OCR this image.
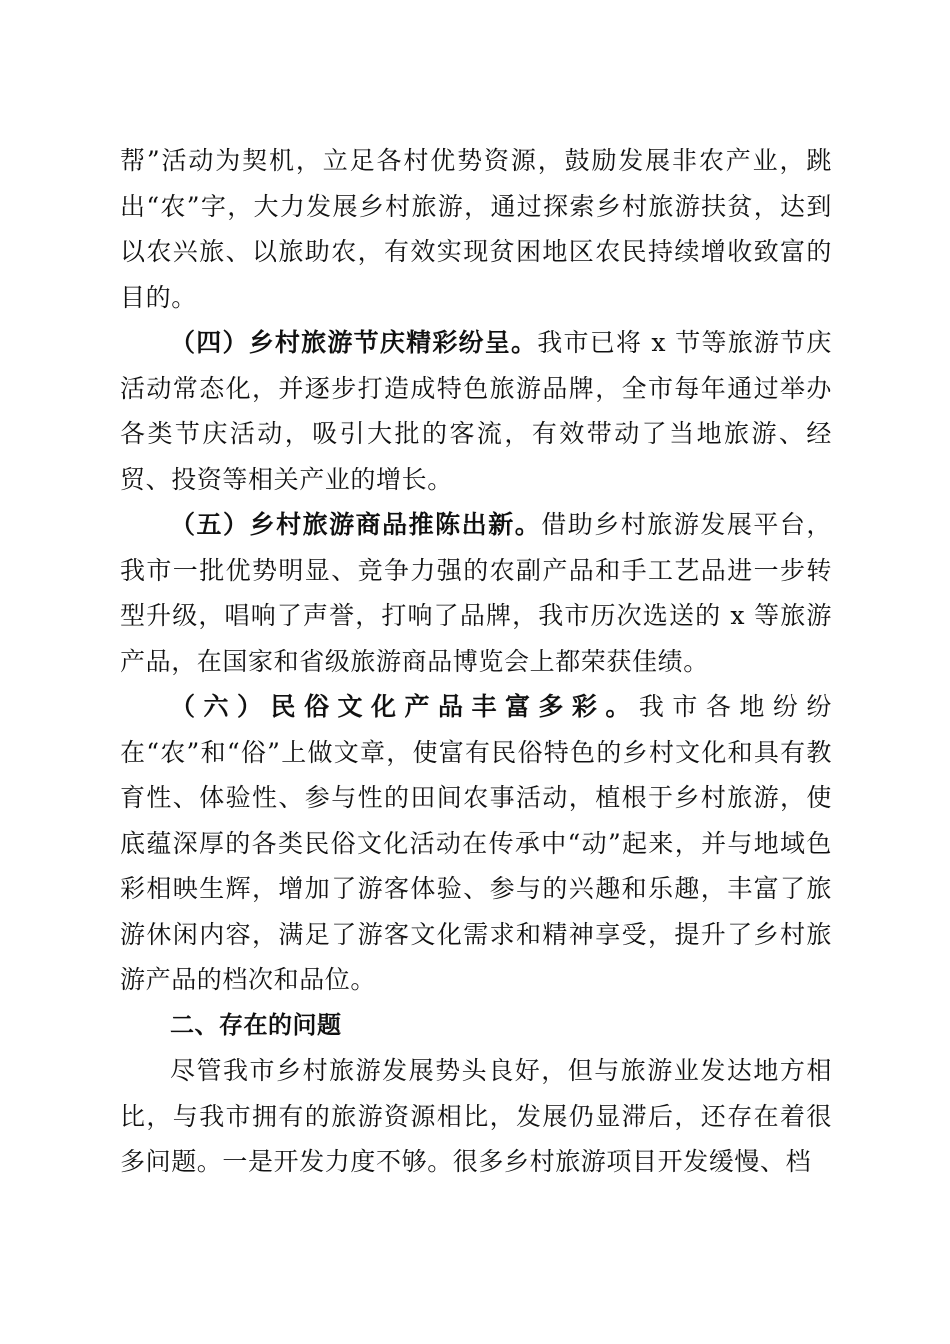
帮”活动为契机，立足各村优势资源，鼓励发展非农产业，跳出“农”字，大力发展乡村旅游，通过探索乡村旅游扶贫，达到以农兴旅、以旅助农，有效实现贫困地区农民持续增收致富的目的。

（四）乡村旅游节庆精彩纷呈。我市已将 x 节等旅游节庆活动常态化，并逐步打造成特色旅游品牌，全市每年通过举办各类节庆活动，吸引大批的客流，有效带动了当地旅游、经贸、投资等相关产业的增长。

（五）乡村旅游商品推陈出新。借助乡村旅游发展平台，我市一批优势明显、竞争力强的农副产品和手工艺品进一步转型升级，唱响了声誉，打响了品牌，我市历次选送的 x 等旅游产品，在国家和省级旅游商品博览会上都荣获佳绩。

（六）民俗文化产品丰富多彩。我市各地纷纷在“农”和“俗”上做文章，使富有民俗特色的乡村文化和具有教育性、体验性、参与性的田间农事活动，植根于乡村旅游，使底蕴深厚的各类民俗文化活动在传承中“动”起来，并与地域色彩相映生辉，增加了游客体验、参与的兴趣和乐趣，丰富了旅游休闲内容，满足了游客文化需求和精神享受，提升了乡村旅游产品的档次和品位。

二、存在的问题

尽管我市乡村旅游发展势头良好，但与旅游业发达地方相比，与我市拥有的旅游资源相比，发展仍显滞后，还存在着很多问题。一是开发力度不够。很多乡村旅游项目开发缓慢、档
